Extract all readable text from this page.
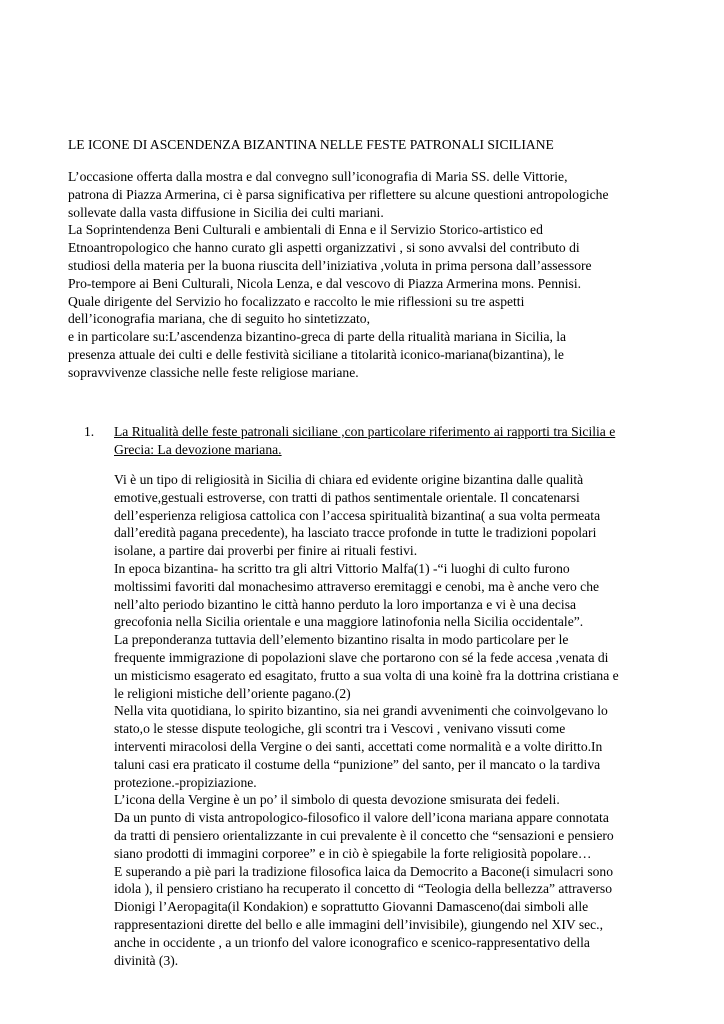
LE ICONE DI ASCENDENZA BIZANTINA NELLE FESTE PATRONALI SICILIANE
L’occasione offerta dalla mostra e dal convegno sull’iconografia di Maria SS. delle Vittorie,
patrona di Piazza Armerina, ci è parsa significativa per riflettere su alcune questioni antropologiche
sollevate dalla vasta diffusione in Sicilia dei culti mariani.
La Soprintendenza Beni Culturali e ambientali di Enna e il Servizio Storico-artistico ed
Etnoantropologico che hanno curato gli aspetti organizzativi , si sono avvalsi del contributo di
studiosi della materia per la buona riuscita dell’iniziativa ,voluta in prima persona dall’assessore
Pro-tempore ai Beni Culturali, Nicola Lenza, e dal vescovo di Piazza Armerina mons. Pennisi.
Quale dirigente del Servizio ho focalizzato e raccolto le mie riflessioni su tre aspetti
dell’iconografia mariana, che di seguito ho sintetizzato,
e in particolare su:L’ascendenza bizantino-greca di parte della ritualità mariana in Sicilia, la
presenza attuale dei culti e delle festività siciliane a titolarità iconico-mariana(bizantina), le
sopravvivenze classiche nelle feste religiose mariane.
1. La Ritualità delle feste patronali siciliane ,con particolare riferimento ai rapporti tra Sicilia e
Grecia: La devozione mariana.
Vi è un tipo di religiosità in Sicilia di chiara ed evidente origine bizantina dalle qualità
emotive,gestuali estroverse, con tratti di pathos sentimentale orientale. Il concatenarsi
dell’esperienza religiosa cattolica con l’accesa spiritualità bizantina( a sua volta permeata
dall’eredità pagana precedente), ha lasciato tracce profonde in tutte le tradizioni popolari
isolane, a partire dai proverbi per finire ai rituali festivi.
In epoca bizantina- ha scritto tra gli altri Vittorio Malfa(1) -“i luoghi di culto furono
moltissimi favoriti dal monachesimo attraverso eremitaggi e cenobi, ma è anche vero che
nell’alto periodo bizantino le città hanno perduto la loro importanza e vi è una decisa
grecofonia nella Sicilia orientale e una maggiore latinofonia nella Sicilia occidentale”.
La preponderanza tuttavia dell’elemento bizantino risalta in modo particolare per le
frequente immigrazione di popolazioni slave che portarono con sé la fede accesa ,venata di
un misticismo esagerato ed esagitato, frutto a sua volta di una koinè fra la dottrina cristiana e
le religioni mistiche dell’oriente pagano.(2)
Nella vita quotidiana, lo spirito bizantino, sia nei grandi avvenimenti che coinvolgevano lo
stato,o le stesse dispute teologiche, gli scontri tra i Vescovi , venivano vissuti come
interventi miracolosi della Vergine o dei santi, accettati come normalità e a volte diritto.In
taluni casi era praticato il costume della “punizione” del santo, per il mancato o la tardiva
protezione.-propiziazione.
L’icona della Vergine è un po’ il simbolo di questa devozione smisurata dei fedeli.
Da un punto di vista antropologico-filosofico il valore dell’icona mariana appare connotata
da tratti di pensiero orientalizzante in cui prevalente è il concetto che “sensazioni e pensiero
siano prodotti di immagini corporee” e in ciò è spiegabile la forte religiosità popolare…
E superando a piè pari la tradizione filosofica laica da Democrito a Bacone(i simulacri sono
idola ), il pensiero cristiano ha recuperato il concetto di “Teologia della bellezza” attraverso
Dionigi l’Aeropagita(il Kondakion) e soprattutto Giovanni Damasceno(dai simboli alle
rappresentazioni dirette del bello e alle immagini dell’invisibile), giungendo nel XIV sec.,
anche in occidente , a un trionfo del valore iconografico e scenico-rappresentativo della
divinità (3).
